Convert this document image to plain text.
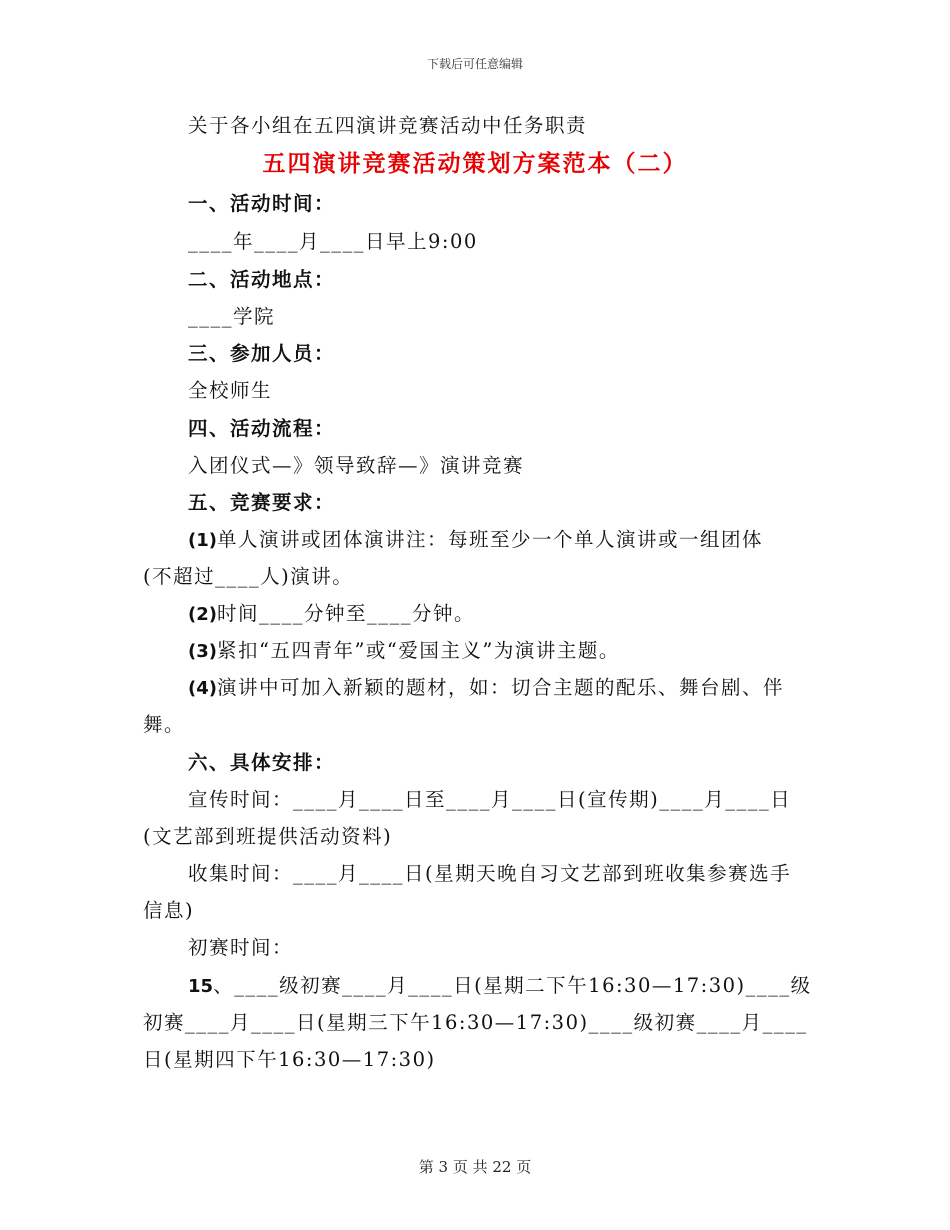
下载后可任意编辑
关于各小组在五四演讲竞赛活动中任务职责
五四演讲竞赛活动策划方案范本（二）
一、活动时间：
____年____月____日早上9:00
二、活动地点：
____学院
三、参加人员：
全校师生
四、活动流程：
入团仪式—》领导致辞—》演讲竞赛
五、竞赛要求：
(1)单人演讲或团体演讲注：每班至少一个单人演讲或一组团体
(不超过____人)演讲。
(2)时间____分钟至____分钟。
(3)紧扣“五四青年”或“爱国主义”为演讲主题。
(4)演讲中可加入新颖的题材，如：切合主题的配乐、舞台剧、伴
舞。
六、具体安排：
宣传时间：____月____日至____月____日(宣传期)____月____日
(文艺部到班提供活动资料)
收集时间：____月____日(星期天晚自习文艺部到班收集参赛选手
信息)
初赛时间：
15、____级初赛____月____日(星期二下午16:30—17:30)____级
初赛____月____日(星期三下午16:30—17:30)____级初赛____月____
日(星期四下午16:30—17:30)
第 3 页 共 22 页
